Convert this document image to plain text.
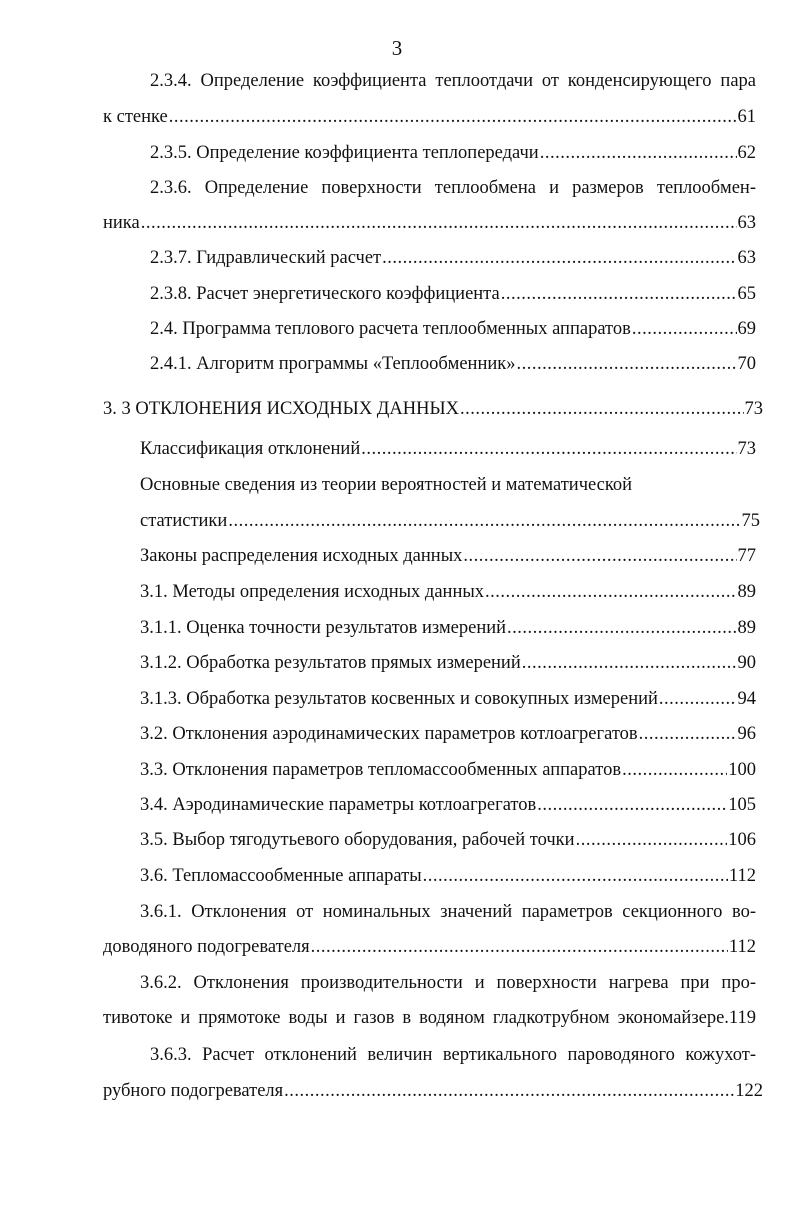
3
2.3.4. Определение коэффициента теплоотдачи от конденсирующего пара
к стенке .....	61
2.3.5. Определение коэффициента теплопередачи .....	62
2.3.6. Определение поверхности теплообмена и размеров теплообмен-
ника .....	63
2.3.7. Гидравлический расчет .....	63
2.3.8. Расчет энергетического коэффициента .....	65
2.4. Программа теплового расчета теплообменных аппаратов .....	69
2.4.1. Алгоритм программы «Теплообменник» .....	70
3. 3 ОТКЛОНЕНИЯ ИСХОДНЫХ ДАННЫХ .....	73
Классификация отклонений .....	73
Основные сведения из теории вероятностей и математической
статистики .....	75
Законы распределения исходных данных .....	77
3.1. Методы определения исходных данных .....	89
3.1.1. Оценка точности результатов измерений .....	89
3.1.2. Обработка результатов прямых измерений .....	90
3.1.3. Обработка результатов косвенных и совокупных измерений .....	94
3.2. Отклонения аэродинамических параметров котлоагрегатов .....	96
3.3. Отклонения параметров тепломассообменных аппаратов .....	100
3.4. Аэродинамические параметры котлоагрегатов .....	105
3.5. Выбор тягодутьевого оборудования, рабочей точки .....	106
3.6. Тепломассообменные аппараты .....	112
3.6.1. Отклонения от номинальных значений параметров секционного во-
доводяного подогревателя .....	112
3.6.2. Отклонения производительности и поверхности нагрева при про-
тивотоке и прямотоке воды и газов в водяном гладкотрубном экономайзере.119
3.6.3. Расчет отклонений величин вертикального пароводяного кожухот-
рубного подогревателя .....	122
